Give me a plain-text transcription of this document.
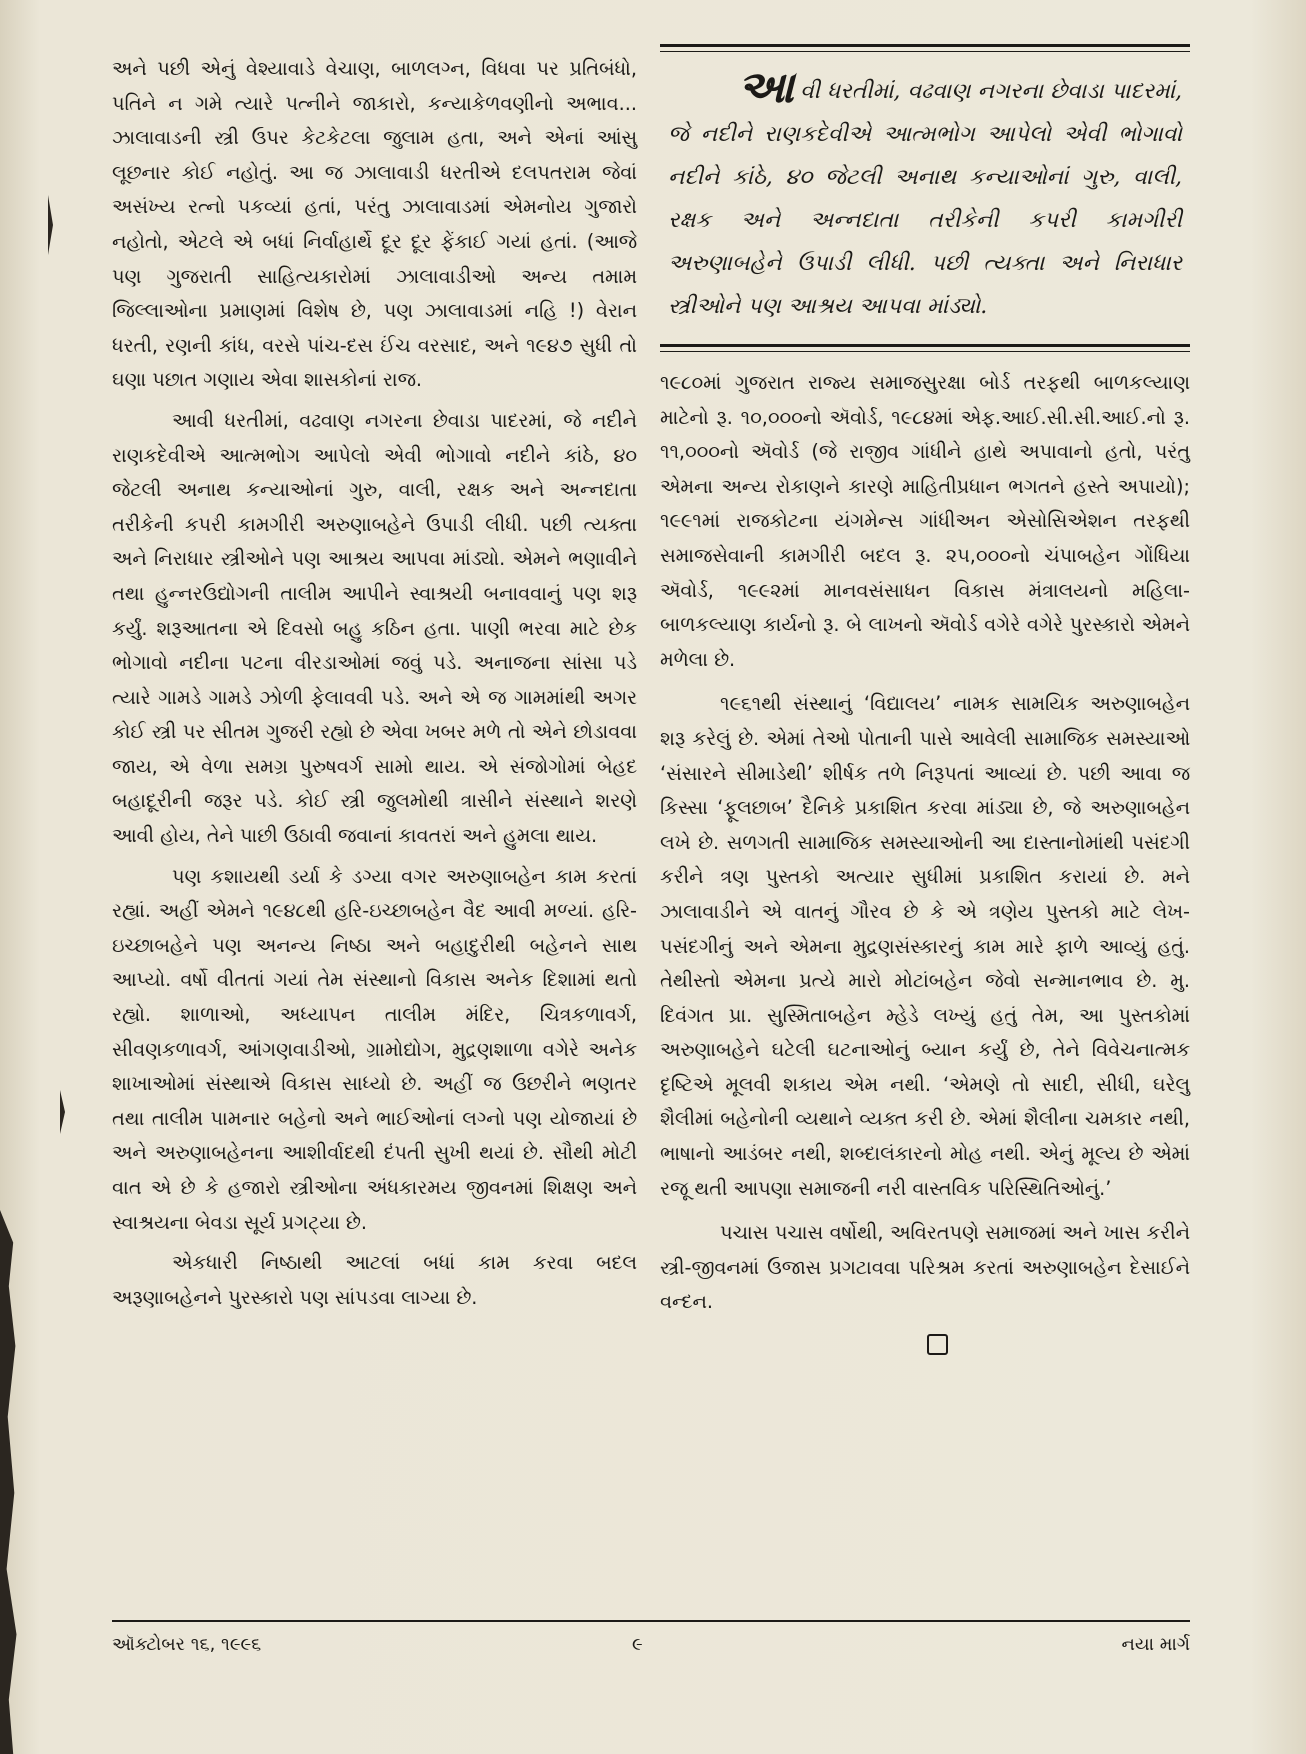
અને પછી એનું વેશ્યાવાડે વેચાણ, બાળલગ્ન, વિધવા પર પ્રતિબંધો, પતિને ન ગમે ત્યારે પત્નીને જાકારો, કન્યાકેળવણીનો અભાવ... ઝાલાવાડની સ્ત્રી ઉપર કેટકેટલા જુલામ હતા, અને એનાં આંસુ લૂછનાર કોઈ નહોતું. આ જ ઝાલાવાડી ધરતીએ દલપતરામ જેવાં અસંખ્ય રત્નો પકવ્યાં હતાં, પરંતુ ઝાલાવાડમાં એમનોય ગુજારો નહોતો, એટલે એ બધાં નિર્વાહાર્થે દૂર દૂર ફેંકાઈ ગયાં હતાં. (આજે પણ ગુજરાતી સાહિત્યકારોમાં ઝાલાવાડીઓ અન્ય તમામ જિલ્લાઓના પ્રમાણમાં વિશેષ છે, પણ ઝાલાવાડમાં નહિ !) વેરાન ધરતી, રણની કાંધ, વરસે પાંચ-દસ ઈંચ વરસાદ, અને ૧૯૪૭ સુધી તો ઘણા પછાત ગણાય એવા શાસકોનાં રાજ.

આવી ધરતીમાં, વઢવાણ નગરના છેવાડા પાદરમાં, જે નદીને રાણકદેવીએ આત્મભોગ આપેલો એવી ભોગાવો નદીને કાંઠે, ૪૦ જેટલી અનાથ કન્યાઓનાં ગુરુ, વાલી, રક્ષક અને અન્નદાતા તરીકેની કપરી કામગીરી અરુણાબહેને ઉપાડી લીધી. પછી ત્યક્તા અને નિરાધાર સ્ત્રીઓને પણ આશ્રય આપવા માંડ્યો. એમને ભણાવીને તથા હુન્નરઉદ્યોગની તાલીમ આપીને સ્વાશ્રયી બનાવવાનું પણ શરૂ કર્યું. શરૂઆતના એ દિવસો બહુ કઠિન હતા. પાણી ભરવા માટે છેક ભોગાવો નદીના પટના વીરડાઓમાં જવું પડે. અનાજના સાંસા પડે ત્યારે ગામડે ગામડે ઝોળી ફેલાવવી પડે. અને એ જ ગામમાંથી અગર કોઈ સ્ત્રી પર સીતમ ગુજરી રહ્યો છે એવા ખબર મળે તો એને છોડાવવા જાય, એ વેળા સમગ્ર પુરુષવર્ગ સામો થાય. એ સંજોગોમાં બેહદ બહાદૂરીની જરૂર પડે. કોઈ સ્ત્રી જુલમોથી ત્રાસીને સંસ્થાને શરણે આવી હોય, તેને પાછી ઉઠાવી જવાનાં કાવતરાં અને હુમલા થાય.

પણ કશાયથી ડર્યા કે ડગ્યા વગર અરુણાબહેન કામ કરતાં રહ્યાં. અહીં એમને ૧૯૪૮થી હરિ-ઇચ્છાબહેન વૈદ આવી મળ્યાં. હરિ-ઇચ્છાબહેને પણ અનન્ય નિષ્ઠા અને બહાદુરીથી બહેનને સાથ આપ્યો. વર્ષો વીતતાં ગયાં તેમ સંસ્થાનો વિકાસ અનેક દિશામાં થતો રહ્યો. શાળાઓ, અધ્યાપન તાલીમ મંદિર, ચિત્રકળાવર્ગ, સીવણકળાવર્ગ, આંગણવાડીઓ, ગ્રામોદ્યોગ, મુદ્રણશાળા વગેરે અનેક શાખાઓમાં સંસ્થાએ વિકાસ સાધ્યો છે. અહીં જ ઉછરીને ભણતર તથા તાલીમ પામનાર બહેનો અને ભાઈઓનાં લગ્નો પણ યોજાયાં છે અને અરુણાબહેનના આશીર્વાદથી દંપતી સુખી થયાં છે. સૌથી મોટી વાત એ છે કે હજારો સ્ત્રીઓના અંધકારમય જીવનમાં શિક્ષણ અને સ્વાશ્રયના બેવડા સૂર્ય પ્રગટ્યા છે.

એકધારી નિષ્ઠાથી આટલાં બધાં કામ કરવા બદલ અરૂણાબહેનને પુરસ્કારો પણ સાંપડવા લાગ્યા છે.

આવી ધરતીમાં, વઢવાણ નગરના છેવાડા પાદરમાં, જે નદીને રાણકદેવીએ આત્મભોગ આપેલો એવી ભોગાવો નદીને કાંઠે, ૪૦ જેટલી અનાથ કન્યાઓનાં ગુરુ, વાલી, રક્ષક અને અન્નદાતા તરીકેની કપરી કામગીરી અરુણાબહેને ઉપાડી લીધી. પછી ત્યક્તા અને નિરાધાર સ્ત્રીઓને પણ આશ્રય આપવા માંડ્યો.

૧૯૮૦માં ગુજરાત રાજ્ય સમાજસુરક્ષા બોર્ડ તરફથી બાળકલ્યાણ માટેનો રૂ. ૧૦,૦૦૦નો ઍવોર્ડ, ૧૯૮૪માં એફ.આઈ.સી.સી.આઈ.નો રૂ. ૧૧,૦૦૦નો ઍવોર્ડ (જે રાજીવ ગાંધીને હાથે અપાવાનો હતો, પરંતુ એમના અન્ય રોકાણને કારણે માહિતીપ્રધાન ભગતને હસ્તે અપાયો); ૧૯૯૧માં રાજકોટના યંગમેન્સ ગાંધીઅન એસોસિએશન તરફથી સમાજસેવાની કામગીરી બદલ રૂ. ૨૫,૦૦૦નો ચંપાબહેન ગોંધિયા ઍવોર્ડ, ૧૯૯૨માં માનવસંસાધન વિકાસ મંત્રાલયનો મહિલા-બાળકલ્યાણ કાર્યનો રૂ. બે લાખનો ઍવોર્ડ વગેરે વગેરે પુરસ્કારો એમને મળેલા છે.

૧૯૬૧થી સંસ્થાનું ‘વિદ્યાલય’ નામક સામયિક અરુણાબહેન શરૂ કરેલું છે. એમાં તેઓ પોતાની પાસે આવેલી સામાજિક સમસ્યાઓ ‘સંસારને સીમાડેથી’ શીર્ષક તળે નિરૂપતાં આવ્યાં છે. પછી આવા જ કિસ્સા ‘ફૂલછાબ’ દૈનિકે પ્રકાશિત કરવા માંડ્યા છે, જે અરુણાબહેન લખે છે. સળગતી સામાજિક સમસ્યાઓની આ દાસ્તાનોમાંથી પસંદગી કરીને ત્રણ પુસ્તકો અત્યાર સુધીમાં પ્રકાશિત કરાયાં છે. મને ઝાલાવાડીને એ વાતનું ગૌરવ છે કે એ ત્રણેય પુસ્તકો માટે લેખ-પસંદગીનું અને એમના મુદ્રણસંસ્કારનું કામ મારે ફાળે આવ્યું હતું. તેથીસ્તો એમના પ્રત્યે મારો મોટાંબહેન જેવો સન્માનભાવ છે. મુ. દિવંગત પ્રા. સુસ્મિતાબહેન મ્હેડે લખ્યું હતું તેમ, આ પુસ્તકોમાં અરુણાબહેને ઘટેલી ઘટનાઓનું બ્યાન કર્યું છે, તેને વિવેચનાત્મક દૃષ્ટિએ મૂલવી શકાય એમ નથી. ‘એમણે તો સાદી, સીધી, ઘરેલુ શૈલીમાં બહેનોની વ્યથાને વ્યક્ત કરી છે. એમાં શૈલીના ચમકાર નથી, ભાષાનો આડંબર નથી, શબ્દાલંકારનો મોહ નથી. એનું મૂલ્ય છે એમાં રજૂ થતી આપણા સમાજની નરી વાસ્તવિક પરિસ્થિતિઓનું.’

પચાસ પચાસ વર્ષોથી, અવિરતપણે સમાજમાં અને ખાસ કરીને સ્ત્રી-જીવનમાં ઉજાસ પ્રગટાવવા પરિશ્રમ કરતાં અરુણાબહેન દેસાઈને વન્દન.

ઑક્ટોબર ૧૬, ૧૯૯૬	૯	નયા માર્ગ
